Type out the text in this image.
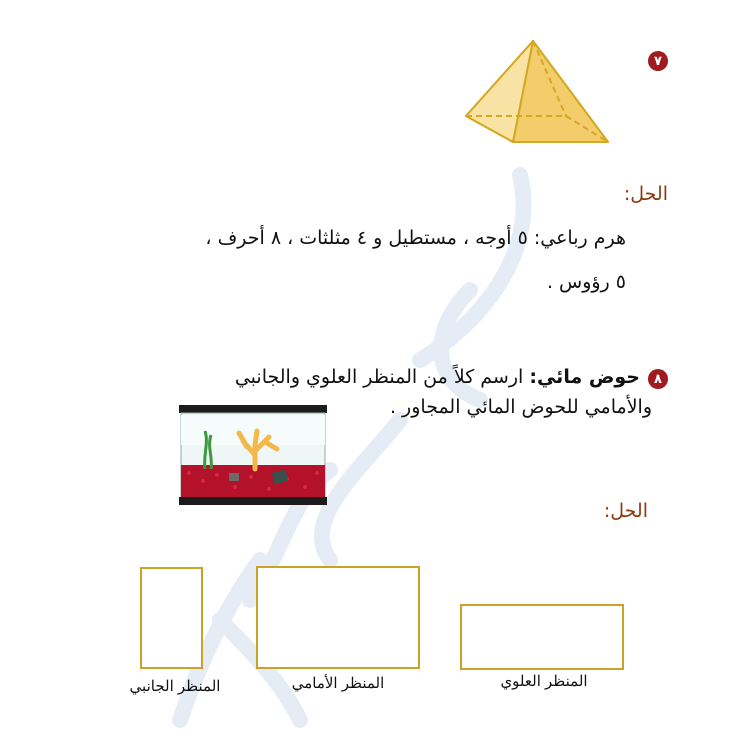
٧
الحل:
هرم رباعي: ٥ أوجه ، مستطيل و ٤ مثلثات ، ٨ أحرف ،
٥ رؤوس .
٨
حوض مائي: ارسم كلاً من المنظر العلوي والجانبي
والأمامي للحوض المائي المجاور .
الحل:
المنظر الجانبي	المنظر الأمامي	المنظر العلوي
